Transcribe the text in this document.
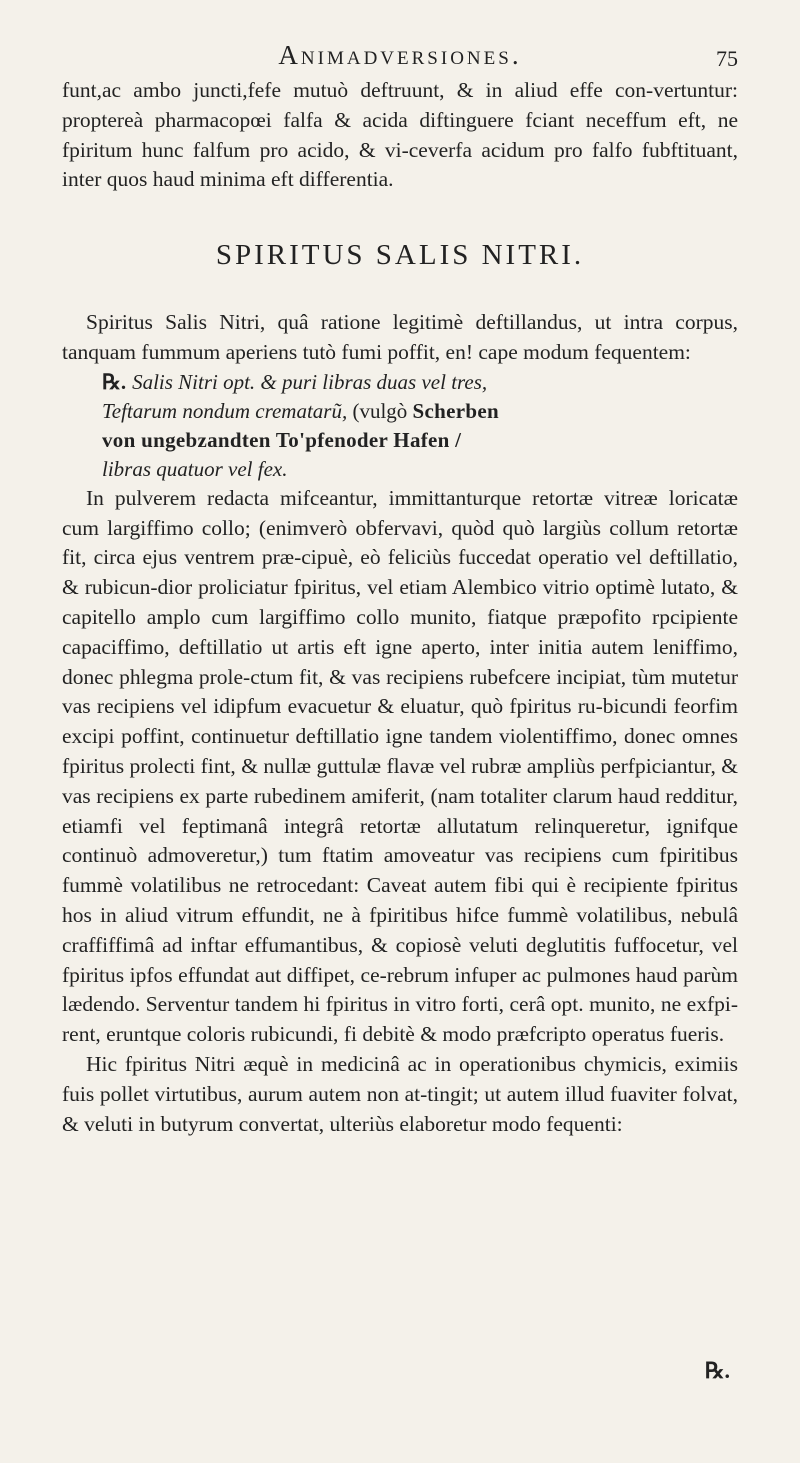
Animadversiones.	75

funt,ac ambo juncti,fefe mutuò deftruunt, & in aliud effe con-vertuntur: proptereà pharmacopœi falfa & acida diftinguere fciant neceffum eft, ne fpiritum hunc falfum pro acido, & vi-ceverfa acidum pro falfo fubftituant, inter quos haud minima eft differentia.

SPIRITUS SALIS NITRI.

Spiritus Salis Nitri, quâ ratione legitimè deftillandus, ut intra corpus, tanquam fummum aperiens tutò fumi poffit, en! cape modum fequentem:

℞. Salis Nitri opt. & puri libras duas vel tres,
Teftarum nondum crematarũ, (vulgò Scherben
von ungebzandten To'pfenoder Hafen /
libras quatuor vel fex.

In pulverem redacta mifceantur, immittanturque retortæ vitreæ loricatæ cum largiffimo collo; (enimverò obfervavi, quòd quò largiùs collum retortæ fit, circa ejus ventrem præ-cipuè, eò feliciùs fuccedat operatio vel deftillatio, & rubicun-dior proliciatur fpiritus, vel etiam Alembico vitrio optimè lutato, & capitello amplo cum largiffimo collo munito, fiatque præpofito rpcipiente capaciffimo, deftillatio ut artis eft igne aperto, inter initia autem leniffimo, donec phlegma prole-ctum fit, & vas recipiens rubefcere incipiat, tùm mutetur vas recipiens vel idipfum evacuetur & eluatur, quò fpiritus ru-bicundi feorfim excipi poffint, continuetur deftillatio igne tandem violentiffimo, donec omnes fpiritus prolecti fint, & nullæ guttulæ flavæ vel rubræ ampliùs perfpiciantur, & vas recipiens ex parte rubedinem amiferit, (nam totaliter clarum haud redditur, etiamfi vel feptimanâ integrâ retortæ allutatum relinqueretur, ignifque continuò admoveretur,) tum ftatim amoveatur vas recipiens cum fpiritibus fummè volatilibus ne retrocedant: Caveat autem fibi qui è recipiente fpiritus hos in aliud vitrum effundit, ne à fpiritibus hifce fummè volatilibus, nebulâ craffiffimâ ad inftar effumantibus, & copiosè veluti deglutitis fuffocetur, vel fpiritus ipfos effundat aut diffipet, ce-rebrum infuper ac pulmones haud parùm lædendo. Serventur tandem hi fpiritus in vitro forti, cerâ opt. munito, ne exfpi-rent, eruntque coloris rubicundi, fi debitè & modo præfcripto operatus fueris.

Hic fpiritus Nitri æquè in medicinâ ac in operationibus chymicis, eximiis fuis pollet virtutibus, aurum autem non at-tingit; ut autem illud fuaviter folvat, & veluti in butyrum convertat, ulteriùs elaboretur modo fequenti:

℞.
